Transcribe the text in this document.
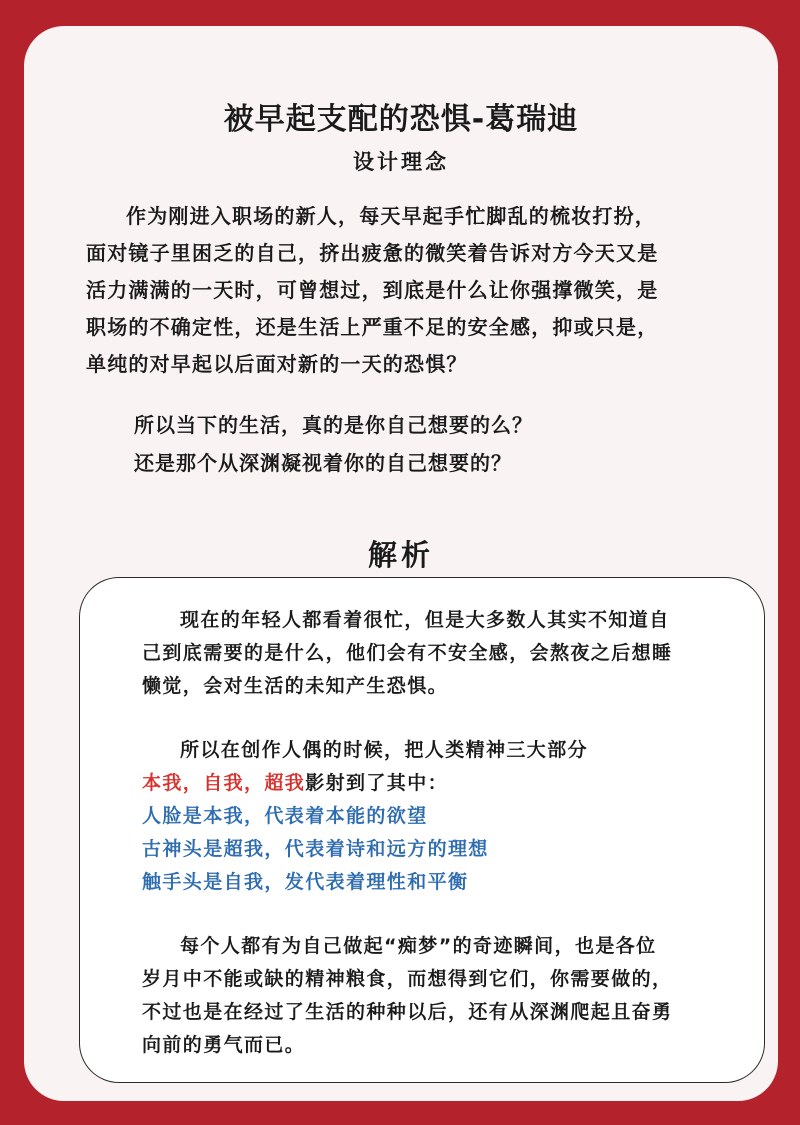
被早起支配的恐惧-葛瑞迪
设计理念

作为刚进入职场的新人，每天早起手忙脚乱的梳妆打扮，

面对镜子里困乏的自己，挤出疲惫的微笑着告诉对方今天又是

活力满满的一天时，可曾想过，到底是什么让你强撑微笑，是

职场的不确定性，还是生活上严重不足的安全感，抑或只是，

单纯的对早起以后面对新的一天的恐惧？

所以当下的生活，真的是你自己想要的么？

还是那个从深渊凝视着你的自己想要的？

解析

现在的年轻人都看着很忙，但是大多数人其实不知道自

己到底需要的是什么，他们会有不安全感，会熬夜之后想睡

懒觉，会对生活的未知产生恐惧。

所以在创作人偶的时候，把人类精神三大部分

本我，自我，超我影射到了其中：

人脸是本我，代表着本能的欲望

古神头是超我，代表着诗和远方的理想

触手头是自我，发代表着理性和平衡

每个人都有为自己做起“痴梦”的奇迹瞬间，也是各位

岁月中不能或缺的精神粮食，而想得到它们，你需要做的，

不过也是在经过了生活的种种以后，还有从深渊爬起且奋勇

向前的勇气而已。
